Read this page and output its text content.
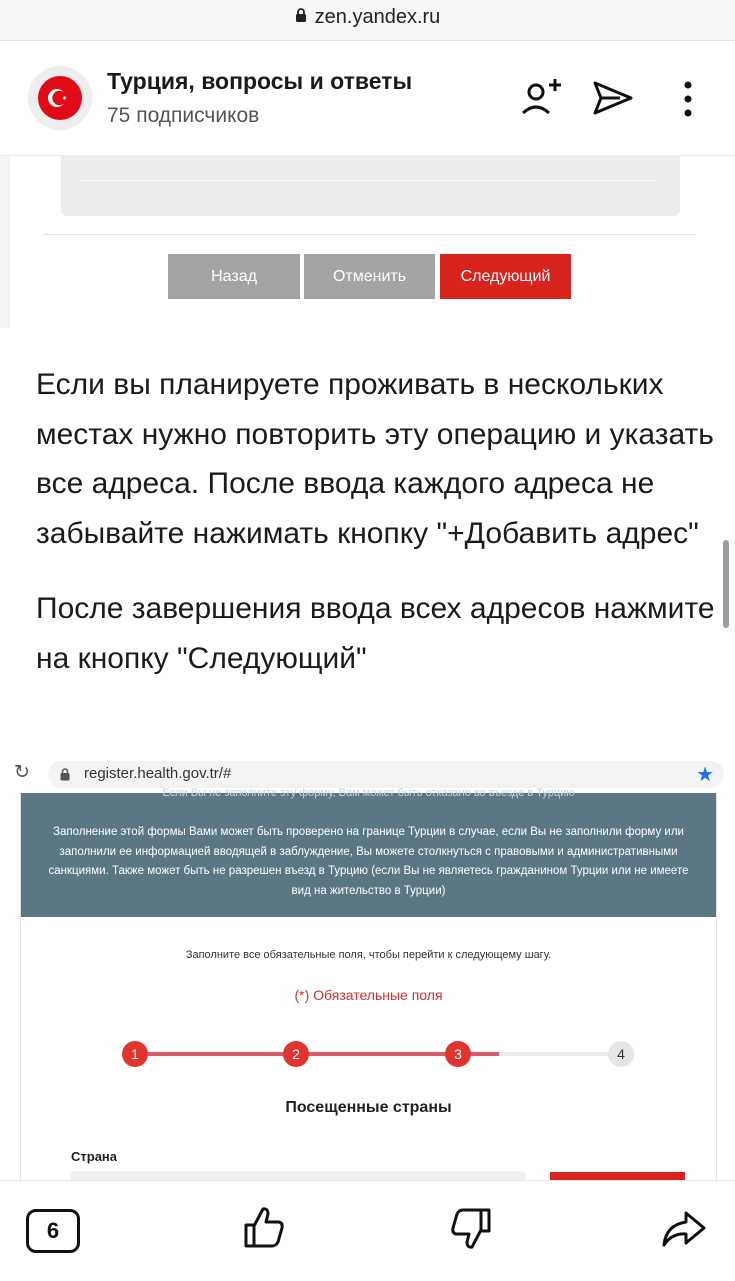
zen.yandex.ru
Турция, вопросы и ответы
75 подписчиков
Назад	Отменить	Следующий

Если вы планируете проживать в нескольких местах нужно повторить эту операцию и указать все адреса. После ввода каждого адреса не забывайте нажимать кнопку "+Добавить адрес"

После завершения ввода всех адресов нажмите на кнопку "Следующий"

↻	register.health.gov.tr/#	★
Если Вы не заполните эту форму, Вам может быть отказано во въезде в Турцию
Заполнение этой формы Вами может быть проверено на границе Турции в случае, если Вы не заполнили форму или заполнили ее информацией вводящей в заблуждение, Вы можете столкнуться с правовыми и административными санкциями. Также может быть не разрешен въезд в Турцию (если Вы не являетесь гражданином Турции или не имеете вид на жительство в Турции)
Заполните все обязательные поля, чтобы перейти к следующему шагу.
(*) Обязательные поля
1	2	3	4
Посещенные страны
Страна
6
